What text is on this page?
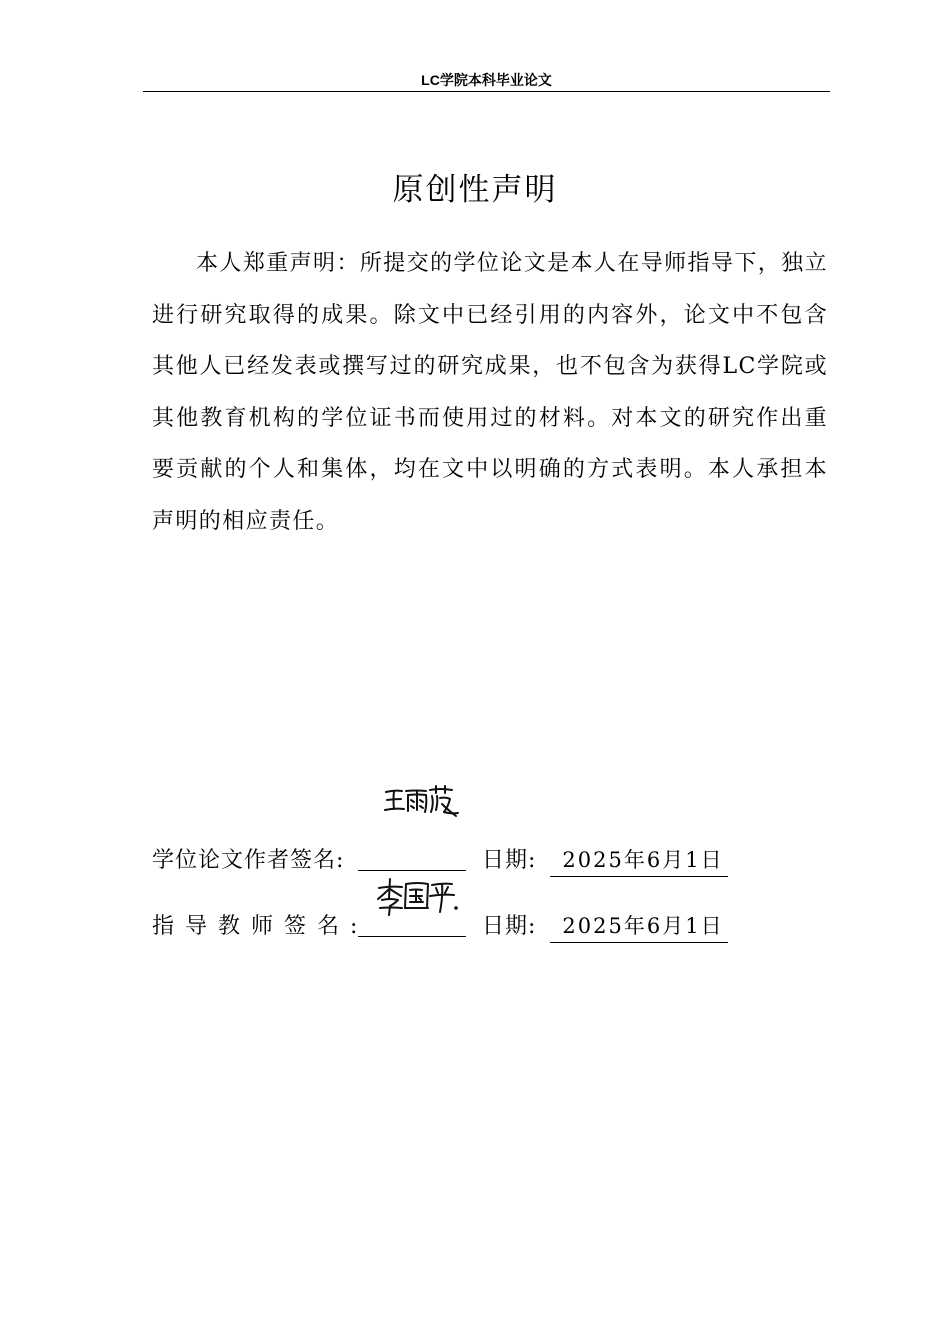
LC学院本科毕业论文
原创性声明

本人郑重声明：所提交的学位论文是本人在导师指导下，独立进行研究取得的成果。除文中已经引用的内容外，论文中不包含其他人已经发表或撰写过的研究成果，也不包含为获得LC学院或其他教育机构的学位证书而使用过的材料。对本文的研究作出重要贡献的个人和集体，均在文中以明确的方式表明。本人承担本声明的相应责任。

学位论文作者签名:	日期: 2025年6月1日
指导教师签名:	日期: 2025年6月1日
